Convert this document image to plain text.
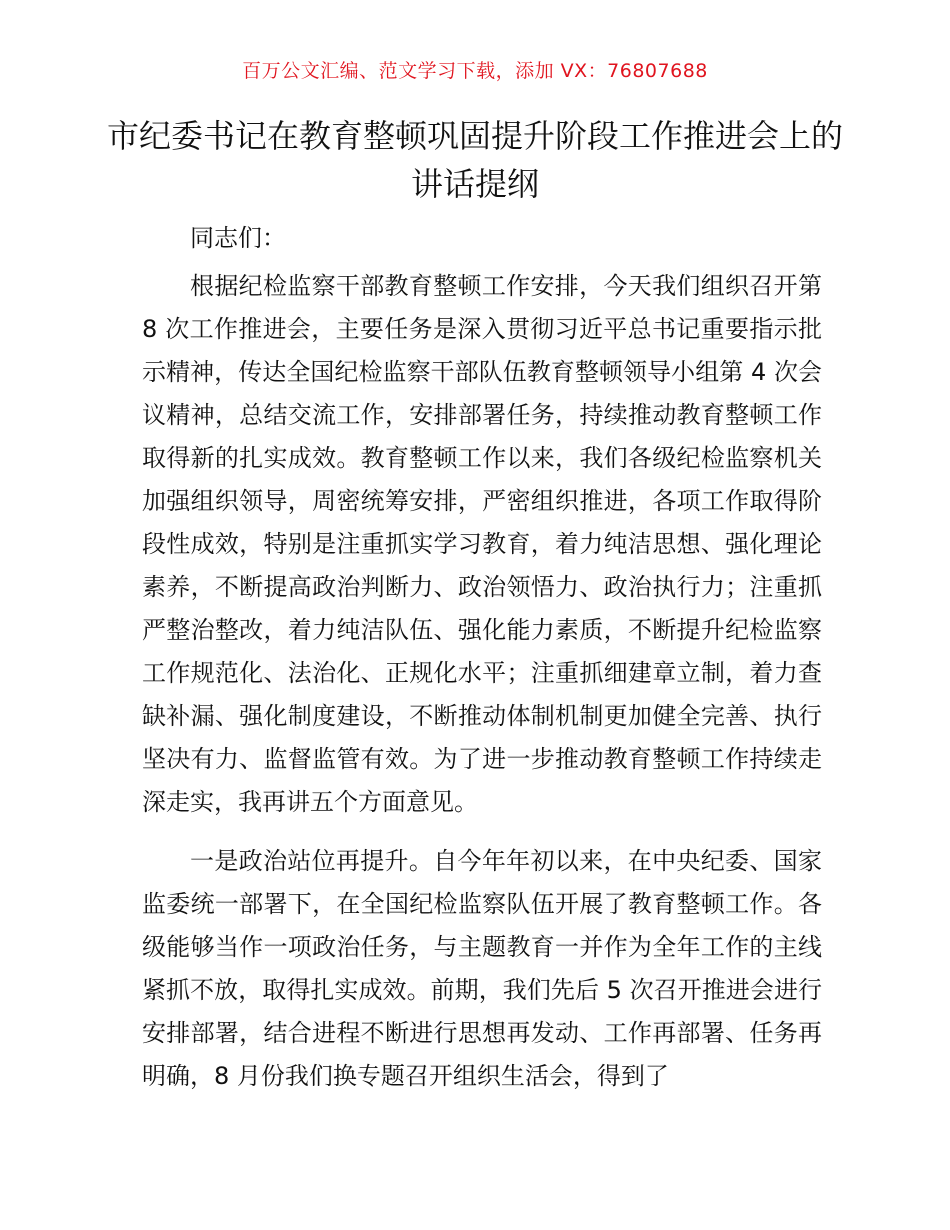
百万公文汇编、范文学习下载，添加 VX：76807688
市纪委书记在教育整顿巩固提升阶段工作推进会上的讲话提纲
同志们：

根据纪检监察干部教育整顿工作安排，今天我们组织召开第 8 次工作推进会，主要任务是深入贯彻习近平总书记重要指示批示精神，传达全国纪检监察干部队伍教育整顿领导小组第 4 次会议精神，总结交流工作，安排部署任务，持续推动教育整顿工作取得新的扎实成效。教育整顿工作以来，我们各级纪检监察机关加强组织领导，周密统筹安排，严密组织推进，各项工作取得阶段性成效，特别是注重抓实学习教育，着力纯洁思想、强化理论素养，不断提高政治判断力、政治领悟力、政治执行力；注重抓严整治整改，着力纯洁队伍、强化能力素质，不断提升纪检监察工作规范化、法治化、正规化水平；注重抓细建章立制，着力查缺补漏、强化制度建设，不断推动体制机制更加健全完善、执行坚决有力、监督监管有效。为了进一步推动教育整顿工作持续走深走实，我再讲五个方面意见。

一是政治站位再提升。自今年年初以来，在中央纪委、国家监委统一部署下，在全国纪检监察队伍开展了教育整顿工作。各级能够当作一项政治任务，与主题教育一并作为全年工作的主线紧抓不放，取得扎实成效。前期，我们先后 5 次召开推进会进行安排部署，结合进程不断进行思想再发动、工作再部署、任务再明确，8 月份我们换专题召开组织生活会，得到了
